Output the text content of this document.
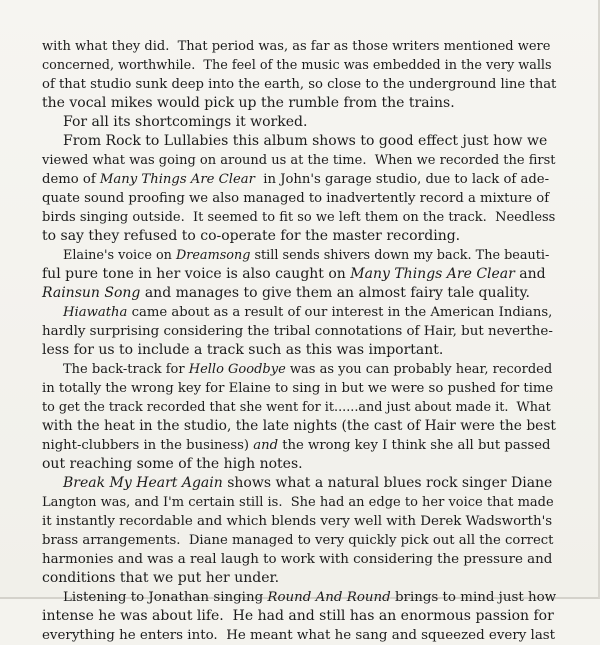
with what they did.  That period was, as far as those writers mentioned were
concerned, worthwhile.  The feel of the music was embedded in the very walls
of that studio sunk deep into the earth, so close to the underground line that
the vocal mikes would pick up the rumble from the trains.
For all its shortcomings it worked.
From Rock to Lullabies this album shows to good effect just how we
viewed what was going on around us at the time.  When we recorded the first
demo of Many Things Are Clear  in John's garage studio, due to lack of ade-
quate sound proofing we also managed to inadvertently record a mixture of
birds singing outside.  It seemed to fit so we left them on the track.  Needless
to say they refused to co-operate for the master recording.
Elaine's voice on Dreamsong still sends shivers down my back. The beauti-
ful pure tone in her voice is also caught on Many Things Are Clear and
Rainsun Song and manages to give them an almost fairy tale quality.
Hiawatha came about as a result of our interest in the American Indians,
hardly surprising considering the tribal connotations of Hair, but neverthe-
less for us to include a track such as this was important.
The back-track for Hello Goodbye was as you can probably hear, recorded
in totally the wrong key for Elaine to sing in but we were so pushed for time
to get the track recorded that she went for it......and just about made it.  What
with the heat in the studio, the late nights (the cast of Hair were the best
night-clubbers in the business) and the wrong key I think she all but passed
out reaching some of the high notes.
Break My Heart Again shows what a natural blues rock singer Diane
Langton was, and I'm certain still is.  She had an edge to her voice that made
it instantly recordable and which blends very well with Derek Wadsworth's
brass arrangements.  Diane managed to very quickly pick out all the correct
harmonies and was a real laugh to work with considering the pressure and
conditions that we put her under.
Listening to Jonathan singing Round And Round brings to mind just how
intense he was about life.  He had and still has an enormous passion for
everything he enters into.  He meant what he sang and squeezed every last
